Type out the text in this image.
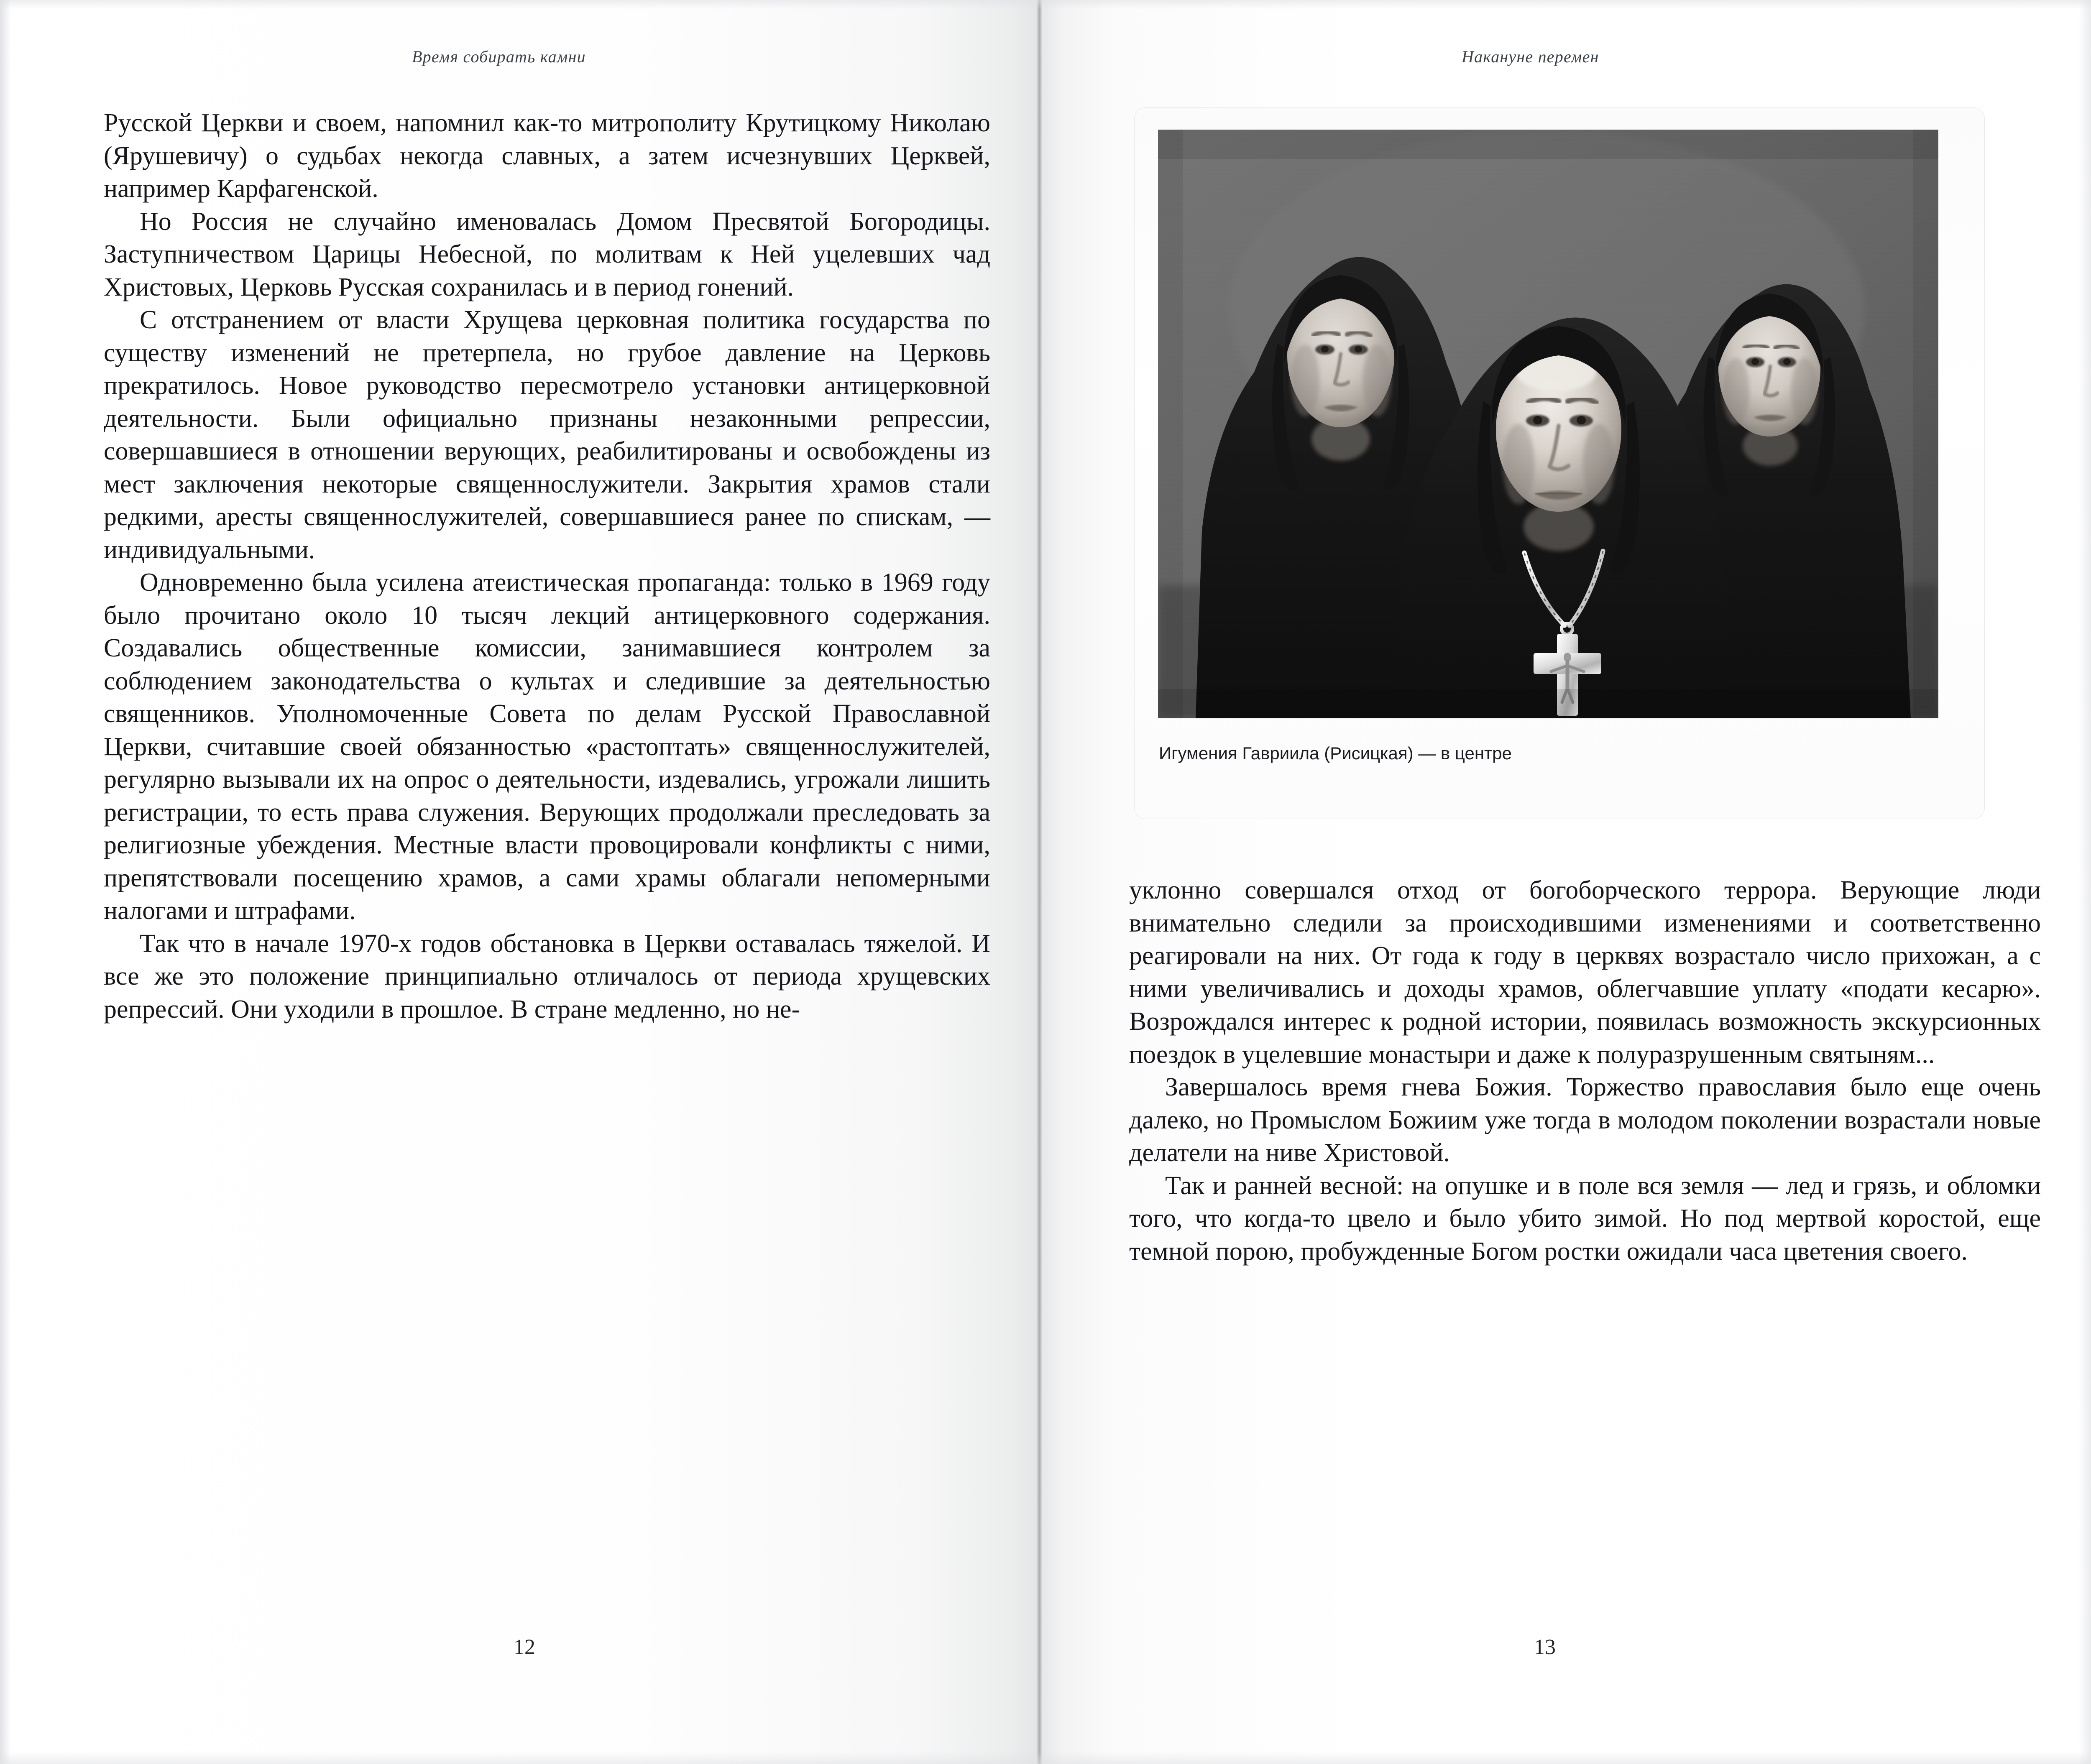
Время собирать камни

Русской Церкви и своем, напомнил как-то митрополиту Крутицкому Николаю (Ярушевичу) о судьбах некогда славных, а затем исчезнувших Церквей, например Карфагенской.

Но Россия не случайно именовалась Домом Пресвятой Богородицы. Заступничеством Царицы Небесной, по молитвам к Ней уцелевших чад Христовых, Церковь Русская сохранилась и в период гонений.

С отстранением от власти Хрущева церковная политика государства по существу изменений не претерпела, но грубое давление на Церковь прекратилось. Новое руководство пересмотрело установки антицерковной деятельности. Были официально признаны незаконными репрессии, совершавшиеся в отношении верующих, реабилитированы и освобождены из мест заключения некоторые священнослужители. Закрытия храмов стали редкими, аресты священнослужителей, совершавшиеся ранее по спискам, — индивидуальными.

Одновременно была усилена атеистическая пропаганда: только в 1969 году было прочитано около 10 тысяч лекций антицерковного содержания. Создавались общественные комиссии, занимавшиеся контролем за соблюдением законодательства о культах и следившие за деятельностью священников. Уполномоченные Совета по делам Русской Православной Церкви, считавшие своей обязанностью «растоптать» священнослужителей, регулярно вызывали их на опрос о деятельности, издевались, угрожали лишить регистрации, то есть права служения. Верующих продолжали преследовать за религиозные убеждения. Местные власти провоцировали конфликты с ними, препятствовали посещению храмов, а сами храмы облагали непомерными налогами и штрафами.

Так что в начале 1970-х годов обстановка в Церкви оставалась тяжелой. И все же это положение принципиально отличалось от периода хрущевских репрессий. Они уходили в прошлое. В стране медленно, но не-

12
Накануне перемен
Игумения Гавриила (Рисицкая) — в центре

уклонно совершался отход от богоборческого террора. Верующие люди внимательно следили за происходившими изменениями и соответственно реагировали на них. От года к году в церквях возрастало число прихожан, а с ними увеличивались и доходы храмов, облегчавшие уплату «подати кесарю». Возрождался интерес к родной истории, появилась возможность экскурсионных поездок в уцелевшие монастыри и даже к полуразрушенным святыням...

Завершалось время гнева Божия. Торжество православия было еще очень далеко, но Промыслом Божиим уже тогда в молодом поколении возрастали новые делатели на ниве Христовой.

Так и ранней весной: на опушке и в поле вся земля — лед и грязь, и обломки того, что когда-то цвело и было убито зимой. Но под мертвой коростой, еще темной порою, пробужденные Богом ростки ожидали часа цветения своего.

13
